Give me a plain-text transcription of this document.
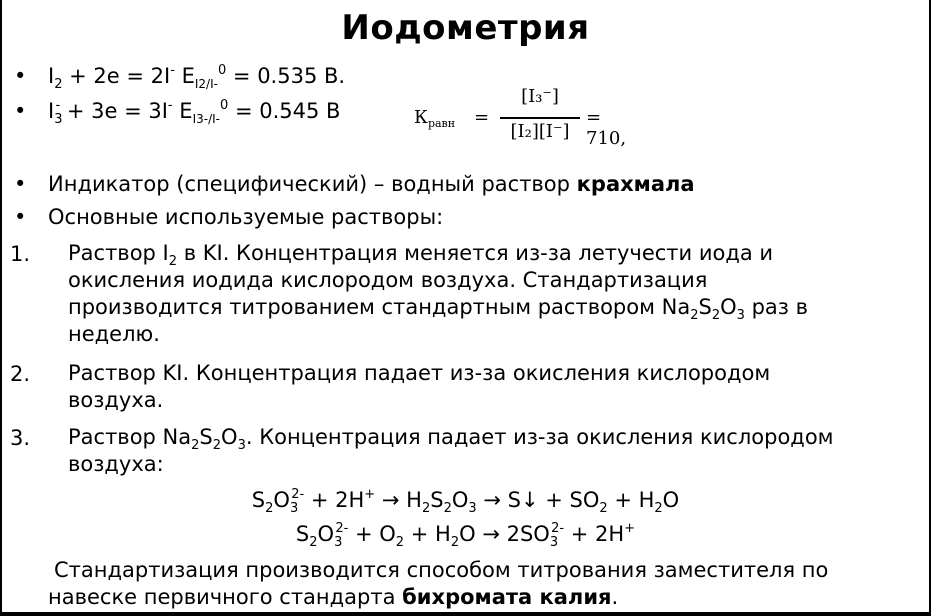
Иодометрия
• $I_2 + 2e = 2I^-$ $E_{I2/I-}^0 = 0.535$ В.
• $I_3^- + 3e = 3I^-$ $E_{I3-/I-}^0 = 0.545$ В	$К_{равн}$ =
[I₃⁻]
[I₂][I⁻]
= 710,
• Индикатор (специфический) – водный раствор крахмала
• Основные используемые растворы:
1. Раствор $I_2$ в KI. Концентрация меняется из-за летучести иода и
окисления иодида кислородом воздуха. Стандартизация
производится титрованием стандартным раствором $Na_2S_2O_3$ раз в
неделю.
2. Раствор KI. Концентрация падает из-за окисления кислородом
воздуха.
3. Раствор $Na_2S_2O_3$. Концентрация падает из-за окисления кислородом
воздуха:
$S_2O_3^{2-} + 2H^+ \to H_2S_2O_3$ → S↓ + $SO_2 + H_2O$
$S_2O_3^{2-} + O_2 + H_2O \to 2SO_3^{2-} + 2H^+$
Стандартизация производится способом титрования заместителя по
навеске первичного стандарта бихромата калия.
